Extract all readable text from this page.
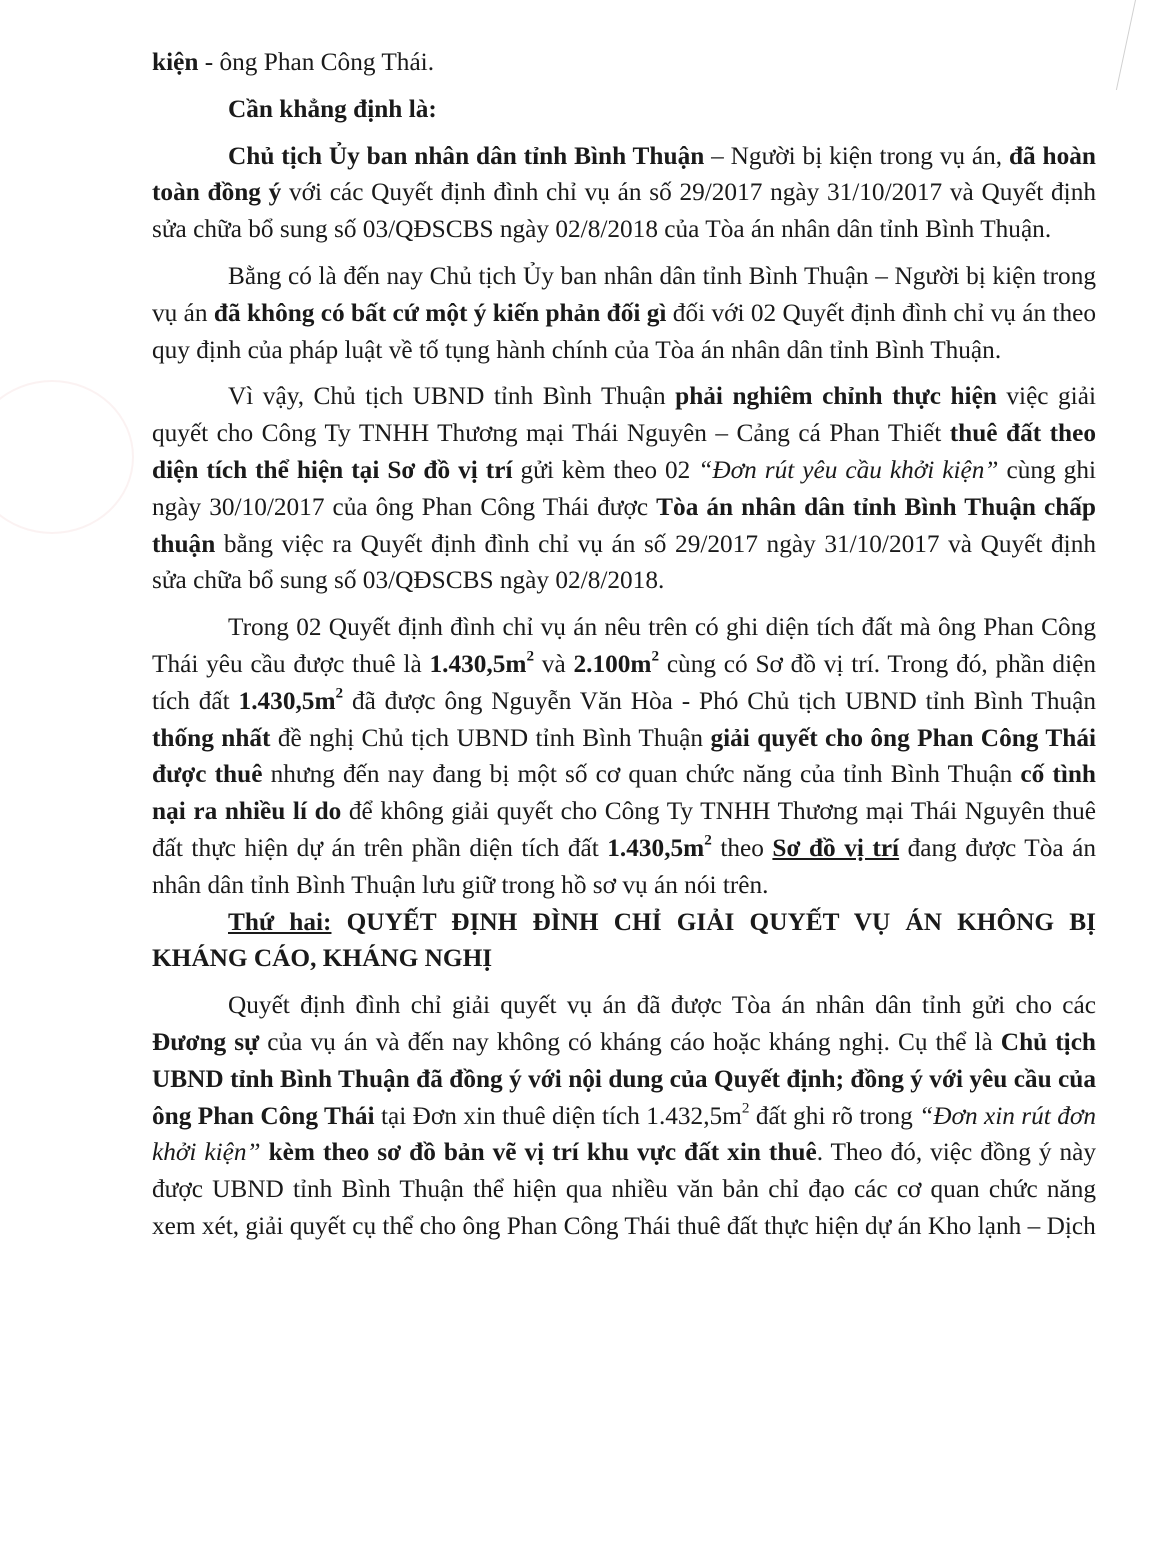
kiện - ông Phan Công Thái.

Cần khẳng định là:

Chủ tịch Ủy ban nhân dân tỉnh Bình Thuận – Người bị kiện trong vụ án, đã hoàn toàn đồng ý với các Quyết định đình chỉ vụ án số 29/2017 ngày 31/10/2017 và Quyết định sửa chữa bổ sung số 03/QĐSCBS ngày 02/8/2018 của Tòa án nhân dân tỉnh Bình Thuận.

Bằng có là đến nay Chủ tịch Ủy ban nhân dân tỉnh Bình Thuận – Người bị kiện trong vụ án đã không có bất cứ một ý kiến phản đối gì đối với 02 Quyết định đình chỉ vụ án theo quy định của pháp luật về tố tụng hành chính của Tòa án nhân dân tỉnh Bình Thuận.

Vì vậy, Chủ tịch UBND tỉnh Bình Thuận phải nghiêm chỉnh thực hiện việc giải quyết cho Công Ty TNHH Thương mại Thái Nguyên – Cảng cá Phan Thiết thuê đất theo diện tích thể hiện tại Sơ đồ vị trí gửi kèm theo 02 “Đơn rút yêu cầu khởi kiện” cùng ghi ngày 30/10/2017 của ông Phan Công Thái được Tòa án nhân dân tỉnh Bình Thuận chấp thuận bằng việc ra Quyết định đình chỉ vụ án số 29/2017 ngày 31/10/2017 và Quyết định sửa chữa bổ sung số 03/QĐSCBS ngày 02/8/2018.

Trong 02 Quyết định đình chỉ vụ án nêu trên có ghi diện tích đất mà ông Phan Công Thái yêu cầu được thuê là $1.430,5m^2$ và $2.100m^2$ cùng có Sơ đồ vị trí. Trong đó, phần diện tích đất $1.430,5m^2$ đã được ông Nguyễn Văn Hòa - Phó Chủ tịch UBND tỉnh Bình Thuận thống nhất đề nghị Chủ tịch UBND tỉnh Bình Thuận giải quyết cho ông Phan Công Thái được thuê nhưng đến nay đang bị một số cơ quan chức năng của tỉnh Bình Thuận cố tình nại ra nhiều lí do để không giải quyết cho Công Ty TNHH Thương mại Thái Nguyên thuê đất thực hiện dự án trên phần diện tích đất $1.430,5m^2$ theo Sơ đồ vị trí đang được Tòa án nhân dân tỉnh Bình Thuận lưu giữ trong hồ sơ vụ án nói trên.

Thứ hai: QUYẾT ĐỊNH ĐÌNH CHỈ GIẢI QUYẾT VỤ ÁN KHÔNG BỊ KHÁNG CÁO, KHÁNG NGHỊ

Quyết định đình chỉ giải quyết vụ án đã được Tòa án nhân dân tỉnh gửi cho các Đương sự của vụ án và đến nay không có kháng cáo hoặc kháng nghị. Cụ thể là Chủ tịch UBND tỉnh Bình Thuận đã đồng ý với nội dung của Quyết định; đồng ý với yêu cầu của ông Phan Công Thái tại Đơn xin thuê diện tích $1.432,5m^2$ đất ghi rõ trong “Đơn xin rút đơn khởi kiện” kèm theo sơ đồ bản vẽ vị trí khu vực đất xin thuê. Theo đó, việc đồng ý này được UBND tỉnh Bình Thuận thể hiện qua nhiều văn bản chỉ đạo các cơ quan chức năng xem xét, giải quyết cụ thể cho ông Phan Công Thái thuê đất thực hiện dự án Kho lạnh – Dịch
